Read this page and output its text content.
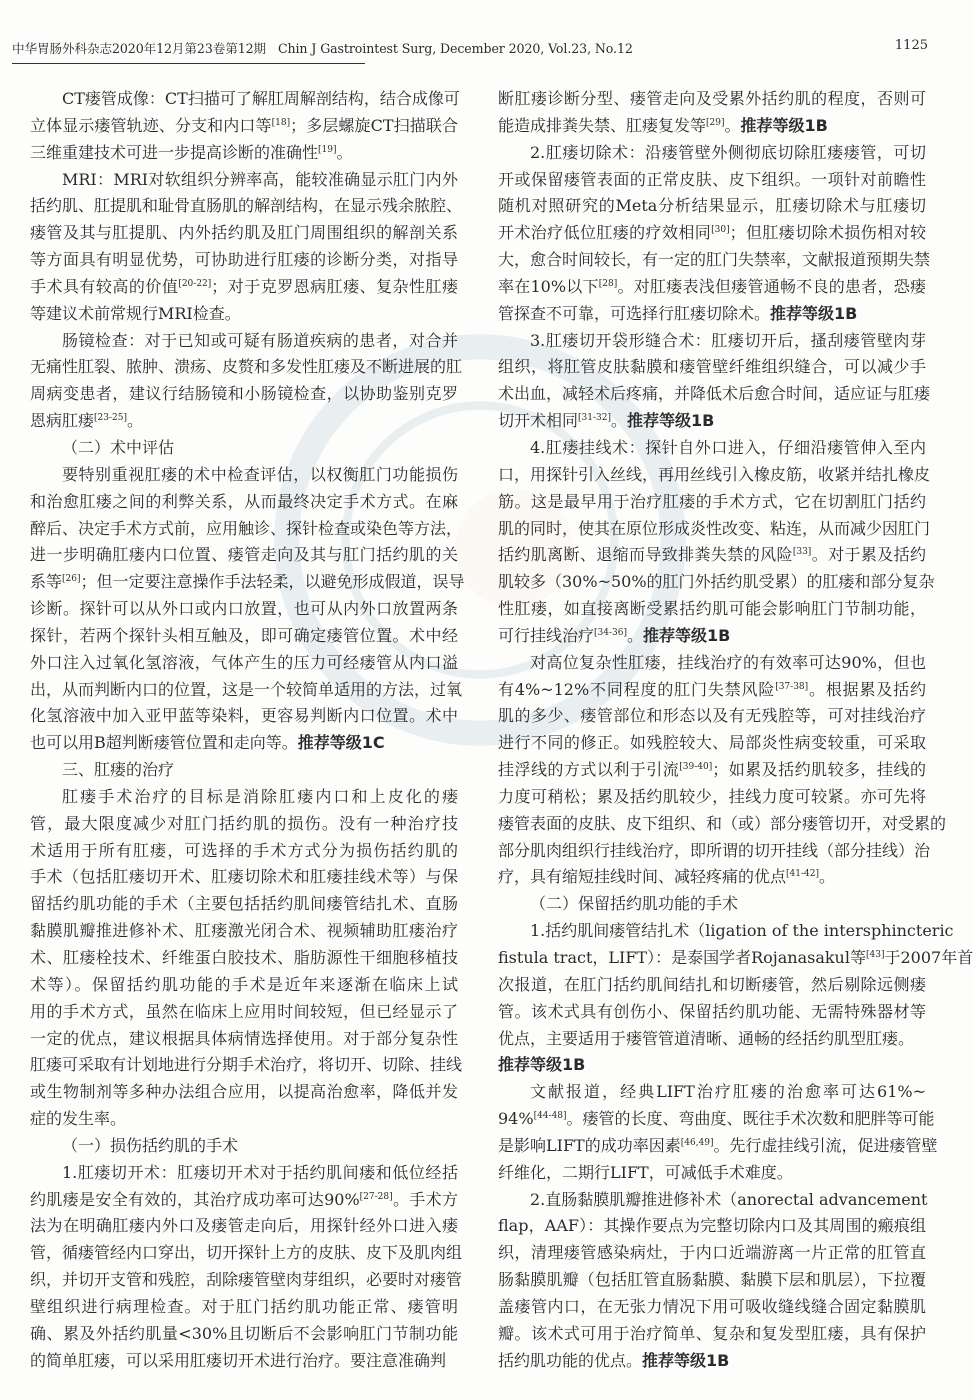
中华胃肠外科杂志2020年12月第23卷第12期 Chin J Gastrointest Surg, December 2020, Vol.23, No.12	1125
CT瘘管成像：CT扫描可了解肛周解剖结构，结合成像可
立体显示瘘管轨迹、分支和内口等[18]；多层螺旋CT扫描联合
三维重建技术可进一步提高诊断的准确性[19]。
MRI：MRI对软组织分辨率高，能较准确显示肛门内外
括约肌、肛提肌和耻骨直肠肌的解剖结构，在显示残余脓腔、
瘘管及其与肛提肌、内外括约肌及肛门周围组织的解剖关系
等方面具有明显优势，可协助进行肛瘘的诊断分类，对指导
手术具有较高的价值[20-22]；对于克罗恩病肛瘘、复杂性肛瘘
等建议术前常规行MRI检查。
肠镜检查：对于已知或可疑有肠道疾病的患者，对合并
无痛性肛裂、脓肿、溃疡、皮赘和多发性肛瘘及不断进展的肛
周病变患者，建议行结肠镜和小肠镜检查，以协助鉴别克罗
恩病肛瘘[23-25]。
（二）术中评估
要特别重视肛瘘的术中检查评估，以权衡肛门功能损伤
和治愈肛瘘之间的利弊关系，从而最终决定手术方式。在麻
醉后、决定手术方式前，应用触诊、探针检查或染色等方法，
进一步明确肛瘘内口位置、瘘管走向及其与肛门括约肌的关
系等[26]；但一定要注意操作手法轻柔，以避免形成假道，误导
诊断。探针可以从外口或内口放置，也可从内外口放置两条
探针，若两个探针头相互触及，即可确定瘘管位置。术中经
外口注入过氧化氢溶液，气体产生的压力可经瘘管从内口溢
出，从而判断内口的位置，这是一个较简单适用的方法，过氧
化氢溶液中加入亚甲蓝等染料，更容易判断内口位置。术中
也可以用B超判断瘘管位置和走向等。推荐等级1C
三、肛瘘的治疗
肛瘘手术治疗的目标是消除肛瘘内口和上皮化的瘘
管，最大限度减少对肛门括约肌的损伤。没有一种治疗技
术适用于所有肛瘘，可选择的手术方式分为损伤括约肌的
手术（包括肛瘘切开术、肛瘘切除术和肛瘘挂线术等）与保
留括约肌功能的手术（主要包括括约肌间瘘管结扎术、直肠
黏膜肌瓣推进修补术、肛瘘激光闭合术、视频辅助肛瘘治疗
术、肛瘘栓技术、纤维蛋白胶技术、脂肪源性干细胞移植技
术等）。保留括约肌功能的手术是近年来逐渐在临床上试
用的手术方式，虽然在临床上应用时间较短，但已经显示了
一定的优点，建议根据具体病情选择使用。对于部分复杂性
肛瘘可采取有计划地进行分期手术治疗，将切开、切除、挂线
或生物制剂等多种办法组合应用，以提高治愈率，降低并发
症的发生率。
（一）损伤括约肌的手术
1.肛瘘切开术：肛瘘切开术对于括约肌间瘘和低位经括
约肌瘘是安全有效的，其治疗成功率可达90%[27-28]。手术方
法为在明确肛瘘内外口及瘘管走向后，用探针经外口进入瘘
管，循瘘管经内口穿出，切开探针上方的皮肤、皮下及肌肉组
织，并切开支管和残腔，刮除瘘管壁肉芽组织，必要时对瘘管
壁组织进行病理检查。对于肛门括约肌功能正常、瘘管明
确、累及外括约肌量<30%且切断后不会影响肛门节制功能
的简单肛瘘，可以采用肛瘘切开术进行治疗。要注意准确判
断肛瘘诊断分型、瘘管走向及受累外括约肌的程度，否则可
能造成排粪失禁、肛瘘复发等[29]。推荐等级1B
2.肛瘘切除术：沿瘘管壁外侧彻底切除肛瘘瘘管，可切
开或保留瘘管表面的正常皮肤、皮下组织。一项针对前瞻性
随机对照研究的Meta分析结果显示，肛瘘切除术与肛瘘切
开术治疗低位肛瘘的疗效相同[30]；但肛瘘切除术损伤相对较
大，愈合时间较长，有一定的肛门失禁率，文献报道预期失禁
率在10%以下[28]。对肛瘘表浅但瘘管通畅不良的患者，恐瘘
管探查不可靠，可选择行肛瘘切除术。推荐等级1B
3.肛瘘切开袋形缝合术：肛瘘切开后，搔刮瘘管壁肉芽
组织，将肛管皮肤黏膜和瘘管壁纤维组织缝合，可以减少手
术出血，减轻术后疼痛，并降低术后愈合时间，适应证与肛瘘
切开术相同[31-32]。推荐等级1B
4.肛瘘挂线术：探针自外口进入，仔细沿瘘管伸入至内
口，用探针引入丝线，再用丝线引入橡皮筋，收紧并结扎橡皮
筋。这是最早用于治疗肛瘘的手术方式，它在切割肛门括约
肌的同时，使其在原位形成炎性改变、粘连，从而减少因肛门
括约肌离断、退缩而导致排粪失禁的风险[33]。对于累及括约
肌较多（30%~50%的肛门外括约肌受累）的肛瘘和部分复杂
性肛瘘，如直接离断受累括约肌可能会影响肛门节制功能，
可行挂线治疗[34-36]。推荐等级1B
对高位复杂性肛瘘，挂线治疗的有效率可达90%，但也
有4%~12%不同程度的肛门失禁风险[37-38]。根据累及括约
肌的多少、瘘管部位和形态以及有无残腔等，可对挂线治疗
进行不同的修正。如残腔较大、局部炎性病变较重，可采取
挂浮线的方式以利于引流[39-40]；如累及括约肌较多，挂线的
力度可稍松；累及括约肌较少，挂线力度可较紧。亦可先将
瘘管表面的皮肤、皮下组织、和（或）部分瘘管切开，对受累的
部分肌肉组织行挂线治疗，即所谓的切开挂线（部分挂线）治
疗，具有缩短挂线时间、减轻疼痛的优点[41-42]。
（二）保留括约肌功能的手术
1.括约肌间瘘管结扎术（ligation of the intersphincteric
fistula tract，LIFT）：是泰国学者Rojanasakul等[43]于2007年首
次报道，在肛门括约肌间结扎和切断瘘管，然后剔除远侧瘘
管。该术式具有创伤小、保留括约肌功能、无需特殊器材等
优点，主要适用于瘘管管道清晰、通畅的经括约肌型肛瘘。
推荐等级1B
文献报道，经典LIFT治疗肛瘘的治愈率可达61%~
94%[44-48]。瘘管的长度、弯曲度、既往手术次数和肥胖等可能
是影响LIFT的成功率因素[46,49]。先行虚挂线引流，促进瘘管壁
纤维化，二期行LIFT，可减低手术难度。
2.直肠黏膜肌瓣推进修补术（anorectal advancement
flap，AAF）：其操作要点为完整切除内口及其周围的瘢痕组
织，清理瘘管感染病灶，于内口近端游离一片正常的肛管直
肠黏膜肌瓣（包括肛管直肠黏膜、黏膜下层和肌层），下拉覆
盖瘘管内口，在无张力情况下用可吸收缝线缝合固定黏膜肌
瓣。该术式可用于治疗简单、复杂和复发型肛瘘，具有保护
括约肌功能的优点。推荐等级1B
